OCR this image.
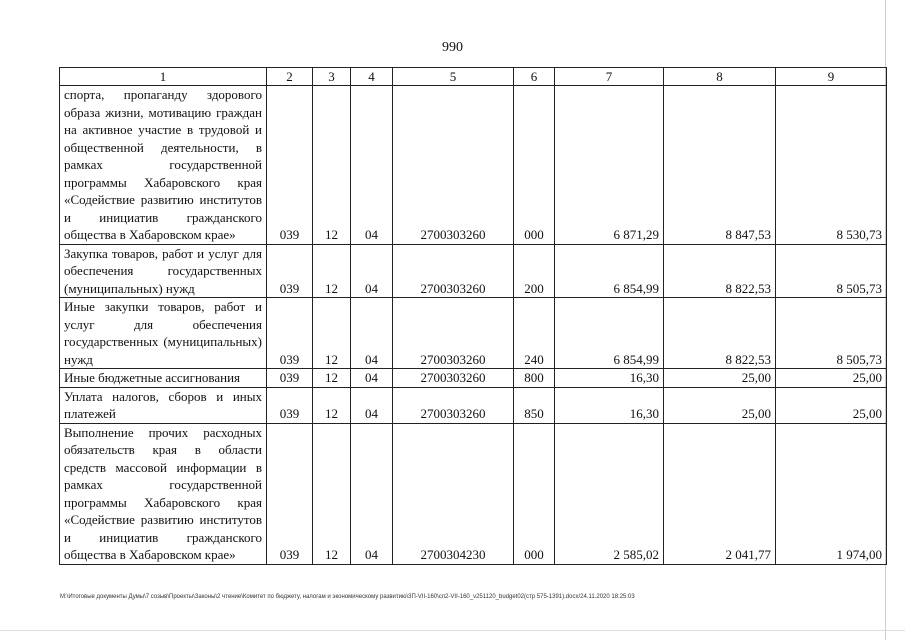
990
1	2	3	4	5	6	7	8	9
спорта, пропаганду здорового образа жизни, мотивацию граждан на активное участие в трудовой и общественной деятельности, в рамках государственной программы Хабаровского края «Содействие развитию институтов и инициатив гражданского общества в Хабаровском крае»	039	12	04	2700303260	000	6 871,29	8 847,53	8 530,73
Закупка товаров, работ и услуг для обеспечения государственных (муниципальных) нужд	039	12	04	2700303260	200	6 854,99	8 822,53	8 505,73
Иные закупки товаров, работ и услуг для обеспечения государственных (муниципальных) нужд	039	12	04	2700303260	240	6 854,99	8 822,53	8 505,73
Иные бюджетные ассигнования	039	12	04	2700303260	800	16,30	25,00	25,00
Уплата налогов, сборов и иных платежей	039	12	04	2700303260	850	16,30	25,00	25,00
Выполнение прочих расходных обязательств края в области средств массовой информации в рамках государственной программы Хабаровского края «Содействие развитию институтов и инициатив гражданского общества в Хабаровском крае»	039	12	04	2700304230	000	2 585,02	2 041,77	1 974,00
М:\Итоговые документы Думы\7 созыв\Проекты\Законы\2 чтение\Комитет по бюджету, налогам и экономическому развитию\3П-VII-160\сп2-VII-160_v251120_budget02(стр 575-1391).docx/24.11.2020 18:25:03
